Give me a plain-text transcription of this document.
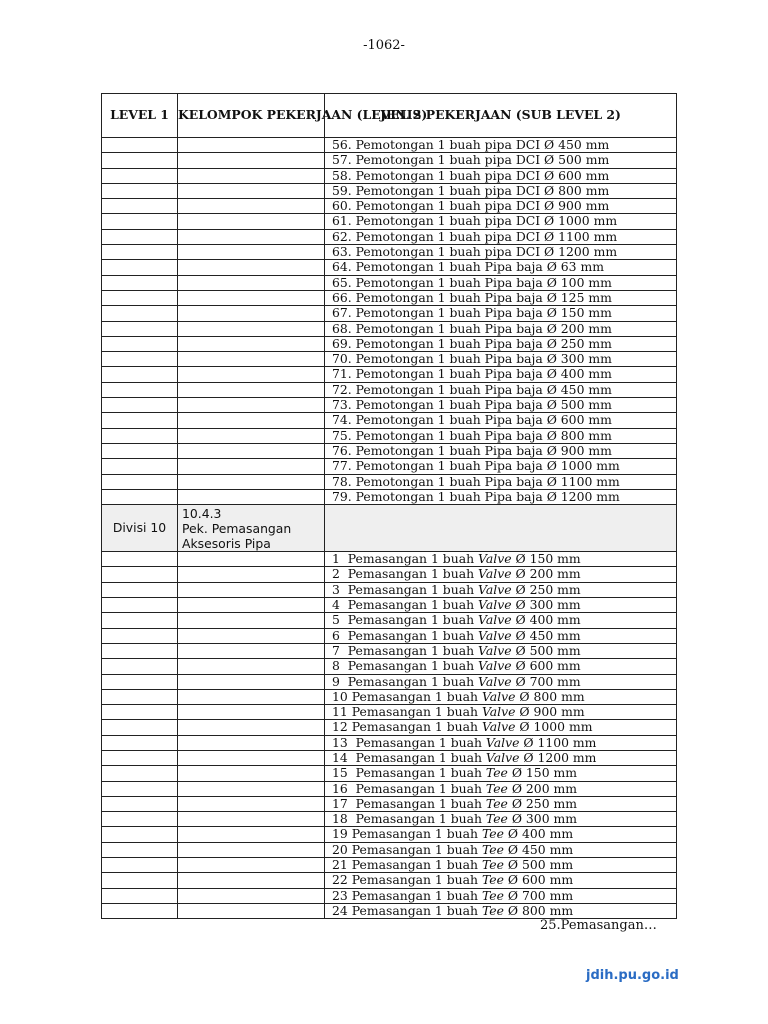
-1062-
LEVEL 1	KELOMPOK PEKERJAAN (LEVEL 2)	JENIS PEKERJAAN (SUB LEVEL 2)
		56. Pemotongan 1 buah pipa DCI Ø 450 mm
		57. Pemotongan 1 buah pipa DCI Ø 500 mm
		58. Pemotongan 1 buah pipa DCI Ø 600 mm
		59. Pemotongan 1 buah pipa DCI Ø 800 mm
		60. Pemotongan 1 buah pipa DCI Ø 900 mm
		61. Pemotongan 1 buah pipa DCI Ø 1000 mm
		62. Pemotongan 1 buah pipa DCI Ø 1100 mm
		63. Pemotongan 1 buah pipa DCI Ø 1200 mm
		64. Pemotongan 1 buah Pipa baja Ø 63 mm
		65. Pemotongan 1 buah Pipa baja Ø 100 mm
		66. Pemotongan 1 buah Pipa baja Ø 125 mm
		67. Pemotongan 1 buah Pipa baja Ø 150 mm
		68. Pemotongan 1 buah Pipa baja Ø 200 mm
		69. Pemotongan 1 buah Pipa baja Ø 250 mm
		70. Pemotongan 1 buah Pipa baja Ø 300 mm
		71. Pemotongan 1 buah Pipa baja Ø 400 mm
		72. Pemotongan 1 buah Pipa baja Ø 450 mm
		73. Pemotongan 1 buah Pipa baja Ø 500 mm
		74. Pemotongan 1 buah Pipa baja Ø 600 mm
		75. Pemotongan 1 buah Pipa baja Ø 800 mm
		76. Pemotongan 1 buah Pipa baja Ø 900 mm
		77. Pemotongan 1 buah Pipa baja Ø 1000 mm
		78. Pemotongan 1 buah Pipa baja Ø 1100 mm
		79. Pemotongan 1 buah Pipa baja Ø 1200 mm
Divisi 10	10.4.3
Pek. Pemasangan Aksesoris Pipa	

		1  Pemasangan 1 buah Valve Ø 150 mm
		2  Pemasangan 1 buah Valve Ø 200 mm
		3  Pemasangan 1 buah Valve Ø 250 mm
		4  Pemasangan 1 buah Valve Ø 300 mm
		5  Pemasangan 1 buah Valve Ø 400 mm
		6  Pemasangan 1 buah Valve Ø 450 mm
		7  Pemasangan 1 buah Valve Ø 500 mm
		8  Pemasangan 1 buah Valve Ø 600 mm
		9  Pemasangan 1 buah Valve Ø 700 mm
		10 Pemasangan 1 buah Valve Ø 800 mm
		11 Pemasangan 1 buah Valve Ø 900 mm
		12 Pemasangan 1 buah Valve Ø 1000 mm
		13  Pemasangan 1 buah Valve Ø 1100 mm
		14  Pemasangan 1 buah Valve Ø 1200 mm
		15  Pemasangan 1 buah Tee Ø 150 mm
		16  Pemasangan 1 buah Tee Ø 200 mm
		17  Pemasangan 1 buah Tee Ø 250 mm
		18  Pemasangan 1 buah Tee Ø 300 mm
		19 Pemasangan 1 buah Tee Ø 400 mm
		20 Pemasangan 1 buah Tee Ø 450 mm
		21 Pemasangan 1 buah Tee Ø 500 mm
		22 Pemasangan 1 buah Tee Ø 600 mm
		23 Pemasangan 1 buah Tee Ø 700 mm
		24 Pemasangan 1 buah Tee Ø 800 mm
25.Pemasangan…
jdih.pu.go.id
